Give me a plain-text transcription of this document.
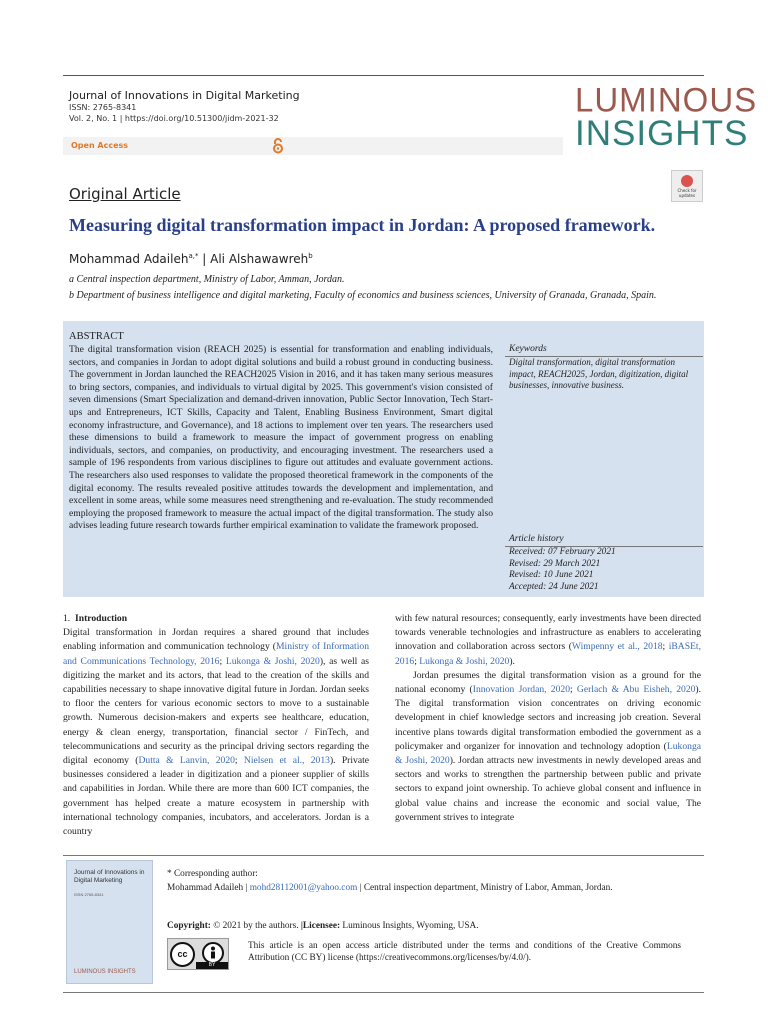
Journal of Innovations in Digital Marketing
ISSN: 2765-8341
Vol. 2, No. 1 | https://doi.org/10.51300/jidm-2021-32
Open Access
LUMINOUS
INSIGHTS
Original Article	Check for updates
Measuring digital transformation impact in Jordan: A proposed framework.
Mohammad Adaileh$^{a,*}$ | Ali Alshawawreh$^b$
a Central inspection department, Ministry of Labor, Amman, Jordan.
b Department of business intelligence and digital marketing, Faculty of economics and business sciences, University of Granada, Granada, Spain.
ABSTRACT
The digital transformation vision (REACH 2025) is essential for transformation and enabling individuals, sectors, and companies in Jordan to adopt digital solutions and build a robust ground in conducting business. The government in Jordan launched the REACH2025 Vision in 2016, and it has taken many serious measures to bring sectors, companies, and individuals to virtual digital by 2025. This government's vision consisted of seven dimensions (Smart Specialization and demand-driven innovation, Public Sector Innovation, Tech Start-ups and Entrepreneurs, ICT Skills, Capacity and Talent, Enabling Business Environment, Smart digital economy infrastructure, and Governance), and 18 actions to implement over ten years. The researchers used these dimensions to build a framework to measure the impact of government progress on enabling individuals, sectors, and companies, on productivity, and encouraging investment. The researchers used a sample of 196 respondents from various disciplines to figure out attitudes and evaluate government actions. The researchers also used responses to validate the proposed theoretical framework in the components of the digital economy. The results revealed positive attitudes towards the development and implementation, and excellent in some areas, while some measures need strengthening and re-evaluation. The study recommended employing the proposed framework to measure the actual impact of the digital transformation. The study also advises leading future research towards further empirical examination to validate the framework proposed.
Keywords
Digital transformation, digital transformation impact, REACH2025, Jordan, digitization, digital businesses, innovative business.
Article history
Received: 07 February 2021
Revised: 29 March 2021
Revised: 10 June 2021
Accepted: 24 June 2021
1. Introduction
Digital transformation in Jordan requires a shared ground that includes enabling information and communication technology (Ministry of Information and Communications Technology, 2016; Lukonga & Joshi, 2020), as well as digitizing the market and its actors, that lead to the creation of the skills and capabilities necessary to shape innovative digital future in Jordan. Jordan seeks to floor the centers for various economic sectors to move to a sustainable growth. Numerous decision-makers and experts see healthcare, education, energy & clean energy, transportation, financial sector / FinTech, and telecommunications and security as the principal driving sectors regarding the digital economy (Dutta & Lanvin, 2020; Nielsen et al., 2013). Private businesses considered a leader in digitization and a pioneer supplier of skills and capabilities in Jordan. While there are more than 600 ICT companies, the government has helped create a mature ecosystem in partnership with international technology companies, incubators, and accelerators. Jordan is a country
with few natural resources; consequently, early investments have been directed towards venerable technologies and infrastructure as enablers to accelerating innovation and collaboration across sectors (Wimpenny et al., 2018; iBASEt, 2016; Lukonga & Joshi, 2020).
Jordan presumes the digital transformation vision as a ground for the national economy (Innovation Jordan, 2020; Gerlach & Abu Eisheh, 2020). The digital transformation vision concentrates on driving economic development in chief knowledge sectors and increasing job creation. Several incentive plans towards digital transformation embodied the government as a policymaker and organizer for innovation and technology adoption (Lukonga & Joshi, 2020). Jordan attracts new investments in newly developed areas and sectors and works to strengthen the partnership between public and private sectors to expand joint ownership. To achieve global consent and influence in global value chains and increase the economic and social value, The government strives to integrate
Journal of Innovations in Digital Marketing
ISSN 2765-8341
LUMINOUS INSIGHTS
* Corresponding author:
Mohammad Adaileh | mohd28112001@yahoo.com | Central inspection department, Ministry of Labor, Amman, Jordan.
Copyright: © 2021 by the authors. |Licensee: Luminous Insights, Wyoming, USA.
cc
BY
This article is an open access article distributed under the terms and conditions of the Creative Commons Attribution (CC BY) license (https://creativecommons.org/licenses/by/4.0/).
